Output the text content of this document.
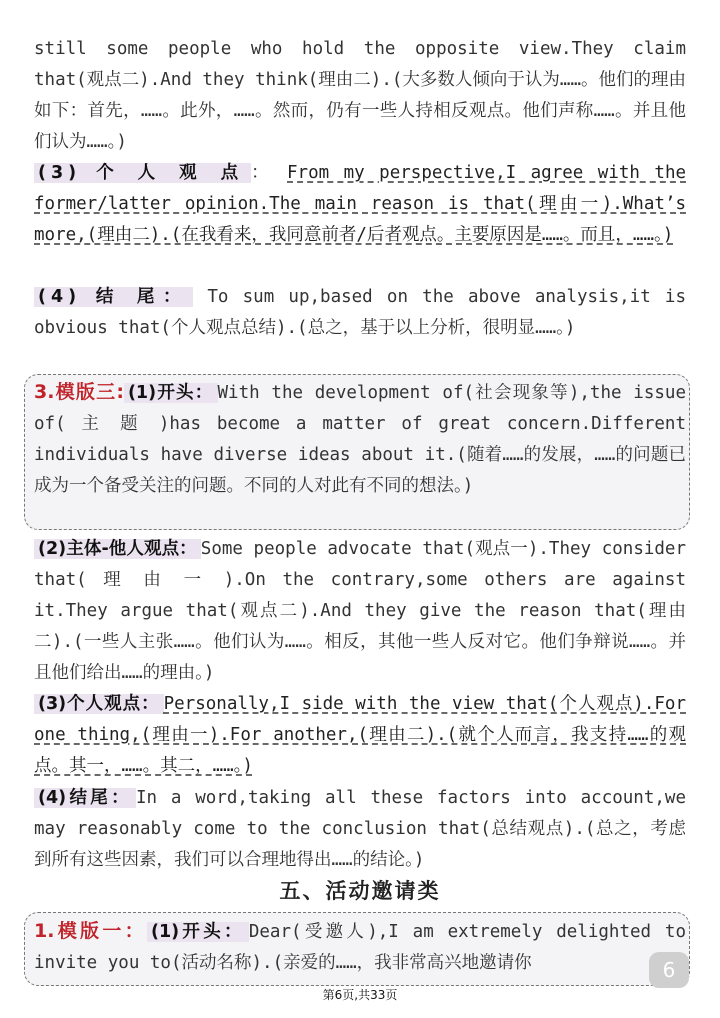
still some people who hold the opposite view.They claim that(观点二).And they think(理由二).(大多数人倾向于认为……。他们的理由如下：首先，……。此外，……。然而，仍有一些人持相反观点。他们声称……。并且他们认为……。)

(3) 个 人 观 点 ： From my perspective,I agree with the former/latter opinion.The main reason is that(理由一).What’s more,(理由二).(在我看来，我同意前者/后者观点。主要原因是……。而且，……。)

(4) 结 尾： To sum up,based on the above analysis,it is obvious that(个人观点总结).(总之，基于以上分析，很明显……。)

3.模版三: (1)开头： With the development of(社会现象等),the issue of( 主 题 )has become a matter of great concern.Different individuals have diverse ideas about it.(随着……的发展，……的问题已成为一个备受关注的问题。不同的人对此有不同的想法。)

(2)主体-他人观点： Some people advocate that(观点一).They consider that( 理 由 一 ).On the contrary,some others are against it.They argue that(观点二).And they give the reason that(理由二).(一些人主张……。他们认为……。相反，其他一些人反对它。他们争辩说……。并且他们给出……的理由。)

(3)个人观点： Personally,I side with the view that(个人观点).For one thing,(理由一).For another,(理由二).(就个人而言，我支持……的观点。其一，……。其二，……。)

(4)结尾： In a word,taking all these factors into account,we may reasonably come to the conclusion that(总结观点).(总之，考虑到所有这些因素，我们可以合理地得出……的结论。)

五、活动邀请类

1.模版一： (1)开头： Dear(受邀人),I am extremely delighted to invite you to(活动名称).(亲爱的……，我非常高兴地邀请你	6
第6页,共33页
